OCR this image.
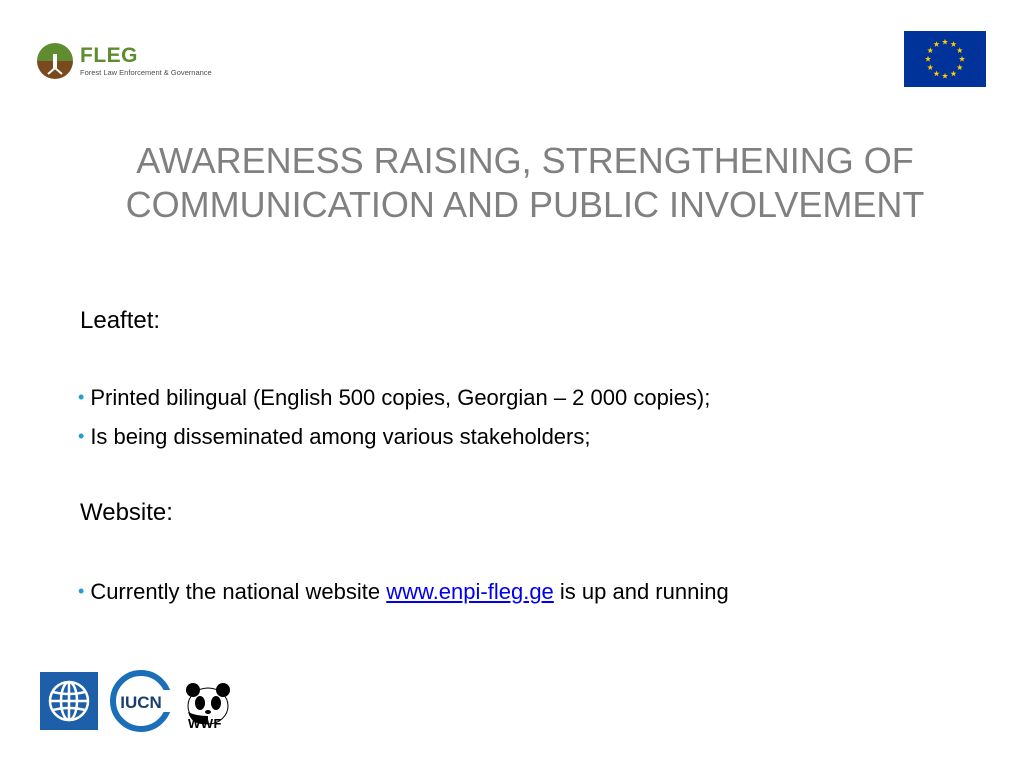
FLEG
Forest Law Enforcement & Governance
AWARENESS RAISING, STRENGTHENING OF
COMMUNICATION AND PUBLIC INVOLVEMENT

Leaftet:

• Printed bilingual (English 500 copies, Georgian – 2 000 copies);
• Is being disseminated among various stakeholders;

Website:

• Currently the national website www.enpi-fleg.ge is up and running
IUCN
WWF
